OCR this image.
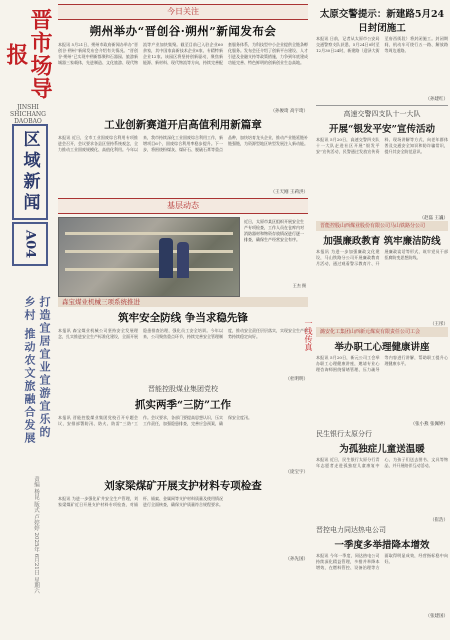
晋市场导报
JINSHI SHICHANG DAOBAO
区域新闻
A04
打造宜居宜业宜游宜乐的乡村 推动农文旅融合发展
责编 杨昆 版式 卢婷婷 2025年 6月21日 星期六
今日关注
朔州举办“晋创谷·朔州”新闻发布会
本报讯 5月21日，朔州市政府新闻办举办“晋创谷·朔州”新闻发布会介绍有关情况。“晋创谷·朔州”已实现中朔新都聚和石器园、旅游新城器三家载体，先进制造、文化旅游、现代物流等产业加快集聚。截至目前已入驻企业60余家，其中国家高新技术企业8家、专精特新企业12家。该园区将坚持创新驱动，聚焦新能源、新材料、现代物流等方向，持续完善配套服务体系，为科技型中小企业提供全链条孵化服务。发布会还介绍了创新平台建设、人才引进及金融支持等政策措施，力争到年底建成功能完善、特色鲜明的创新创业生态高地。
（孙俊琦 高宇琦）
工业创新赛道开启高值利用新篇章
本报讯 近日，全市工业固废综合利用专项推进会召开，会议要求各县区坚持系统观念，全力推动工业固废规模化、高值化利用。今年以来，我市持续深化工业固废综合利用工作，新增项目6个，固废综合利用率稳步提升。下一步，将围绕粉煤灰、煤矸石、脱硫石膏等重点品种，加快培育龙头企业，推动产业链延链补链强链，为资源型地区转型发展注入新动能。
（王天刚 王莉洪）
基层动态
近日，太原市某区组织开展安全生产专项检查，工作人员在仓库内对消防器材和物资存放情况进行逐一排查，确保生产经营安全有序。
王杰 摄
森宝煤业机械三项系统推进
筑牢安全防线 争当求稳先锋
本报讯 森宝煤业机械公司坚持安全发展理念，扎实推进安全生产标准化建设，全面开展隐患排查治理，强化员工安全培训。今年以来，公司聚焦重点环节，持续完善安全管理制度，推动安全责任层层落实，实现安全生产形势持续稳定向好。
（杜明明）
晋能控股煤业集团党校
抓实两季“三防”工作
本报讯 晋能控股煤业集团党校召开专题会议，安排部署防汛、防火、防雷“三防”工作。会议要求，各部门要提高思想认识，压实工作责任，加强隐患排查，完善应急预案，确保安全度汛。
（庞宝宇）
刘家梁煤矿开展支护材料专项检查
本报讯 为进一步强化矿井安全生产管理，刘家梁煤矿近日开展支护材料专项检查，对锚杆、锚索、金属网等支护材料质量及使用情况进行全面核查，确保支护质量符合规程要求。
（孙先国）
一线传真
太原交警提示：新建路5月24日封闭施工
本报讯 日前，记者从太原市公安局交通警察支队获悉，5月24日0时至12月30日24时，新建路（迎泽大街至府西街段）将封闭施工。封闭期间，机动车可绕行五一路、解放路等周边道路。
（孙建红）
高速交警四支队十一大队
开展“银发平安”宣传活动
本报讯 5月20日，高速交警四支队十一大队走进社区开展“银发平安”宣传活动，民警通过发放宣传资料、现场讲解等方式，向老年群体普及交通安全知识和防诈骗常识，提升其安全防范意识。
（赵磊 王巍）
晋能控股山西煤业股份有限公司马山铁路分公司
加强廉政教育 筑牢廉洁防线
本报讯 为进一步加强廉政文化建设，马山铁路分公司开展廉政教育月活动，通过观看警示教育片、开展廉政谈话等形式，筑牢党员干部拒腐防变思想防线。
（王彤）
潞安化工集团山西新元煤炭有限责任公司工会
举办职工心理健康讲座
本报讯 5月20日，新元公司工会举办职工心理健康讲座，邀请专业心理咨询师围绕情绪管理、压力疏导等内容进行讲解，帮助职工提升心理健康水平。
（张小燕 张佩婷）
民生银行太原分行
为孤独症儿童送温暖
本报讯 近日，民生银行太原分行青年志愿者走进孤独症儿童康复中心，为孩子们送去图书、文具等物品，并开展陪伴互动活动。
（崔浩）
晋控电力同达热电公司
一季度多举措降本增效
本报讯 今年一季度，同达热电公司持续深化精益管理，多措并举降本增效，在燃料管控、设备治理等方面取得明显成效，经营指标稳中向好。
（张建国）
